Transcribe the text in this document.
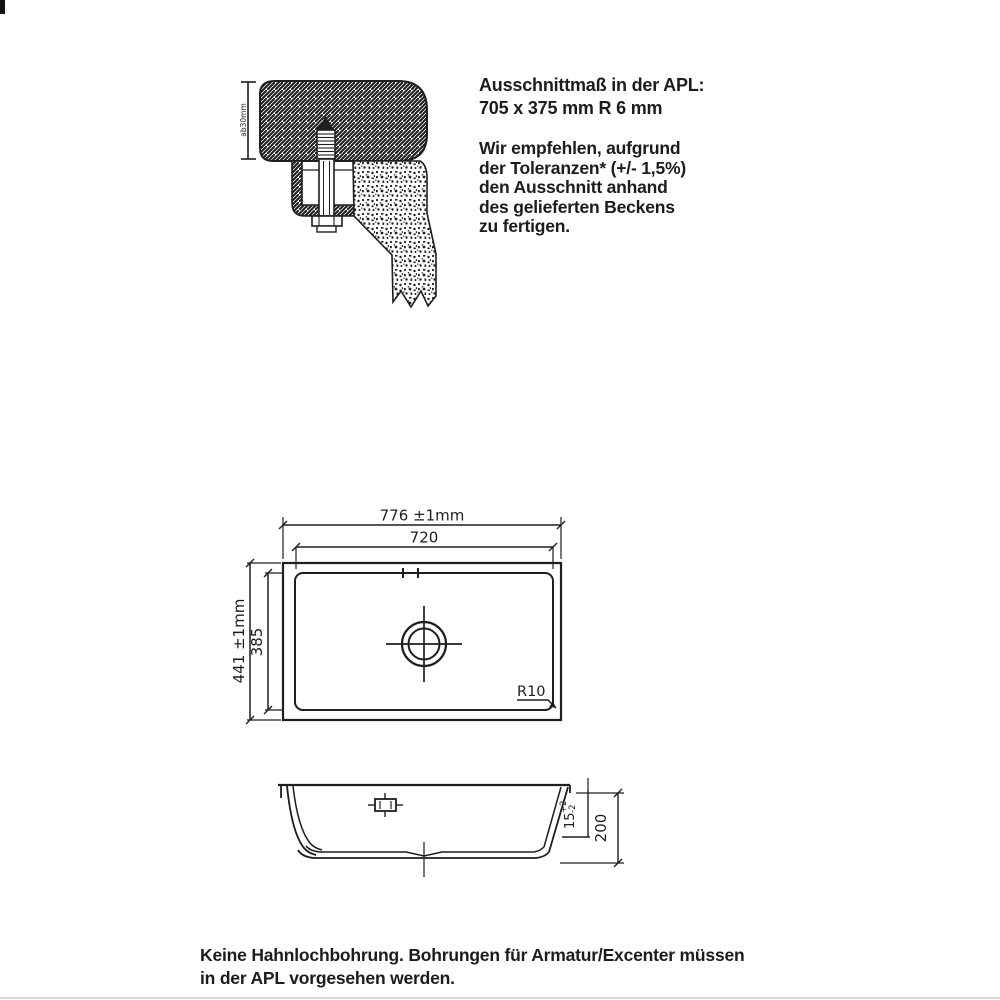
ab30mm
Ausschnittmaß in der APL:
705 x 375 mm R 6 mm
Wir empfehlen, aufgrund
der Toleranzen* (+/- 1,5%)
den Ausschnitt anhand
des gelieferten Beckens
zu fertigen.
776 ±1mm
720
441 ±1mm 385
R10
15
+2 -2
200
Keine Hahnlochbohrung. Bohrungen für Armatur/Excenter müssen
in der APL vorgesehen werden.
